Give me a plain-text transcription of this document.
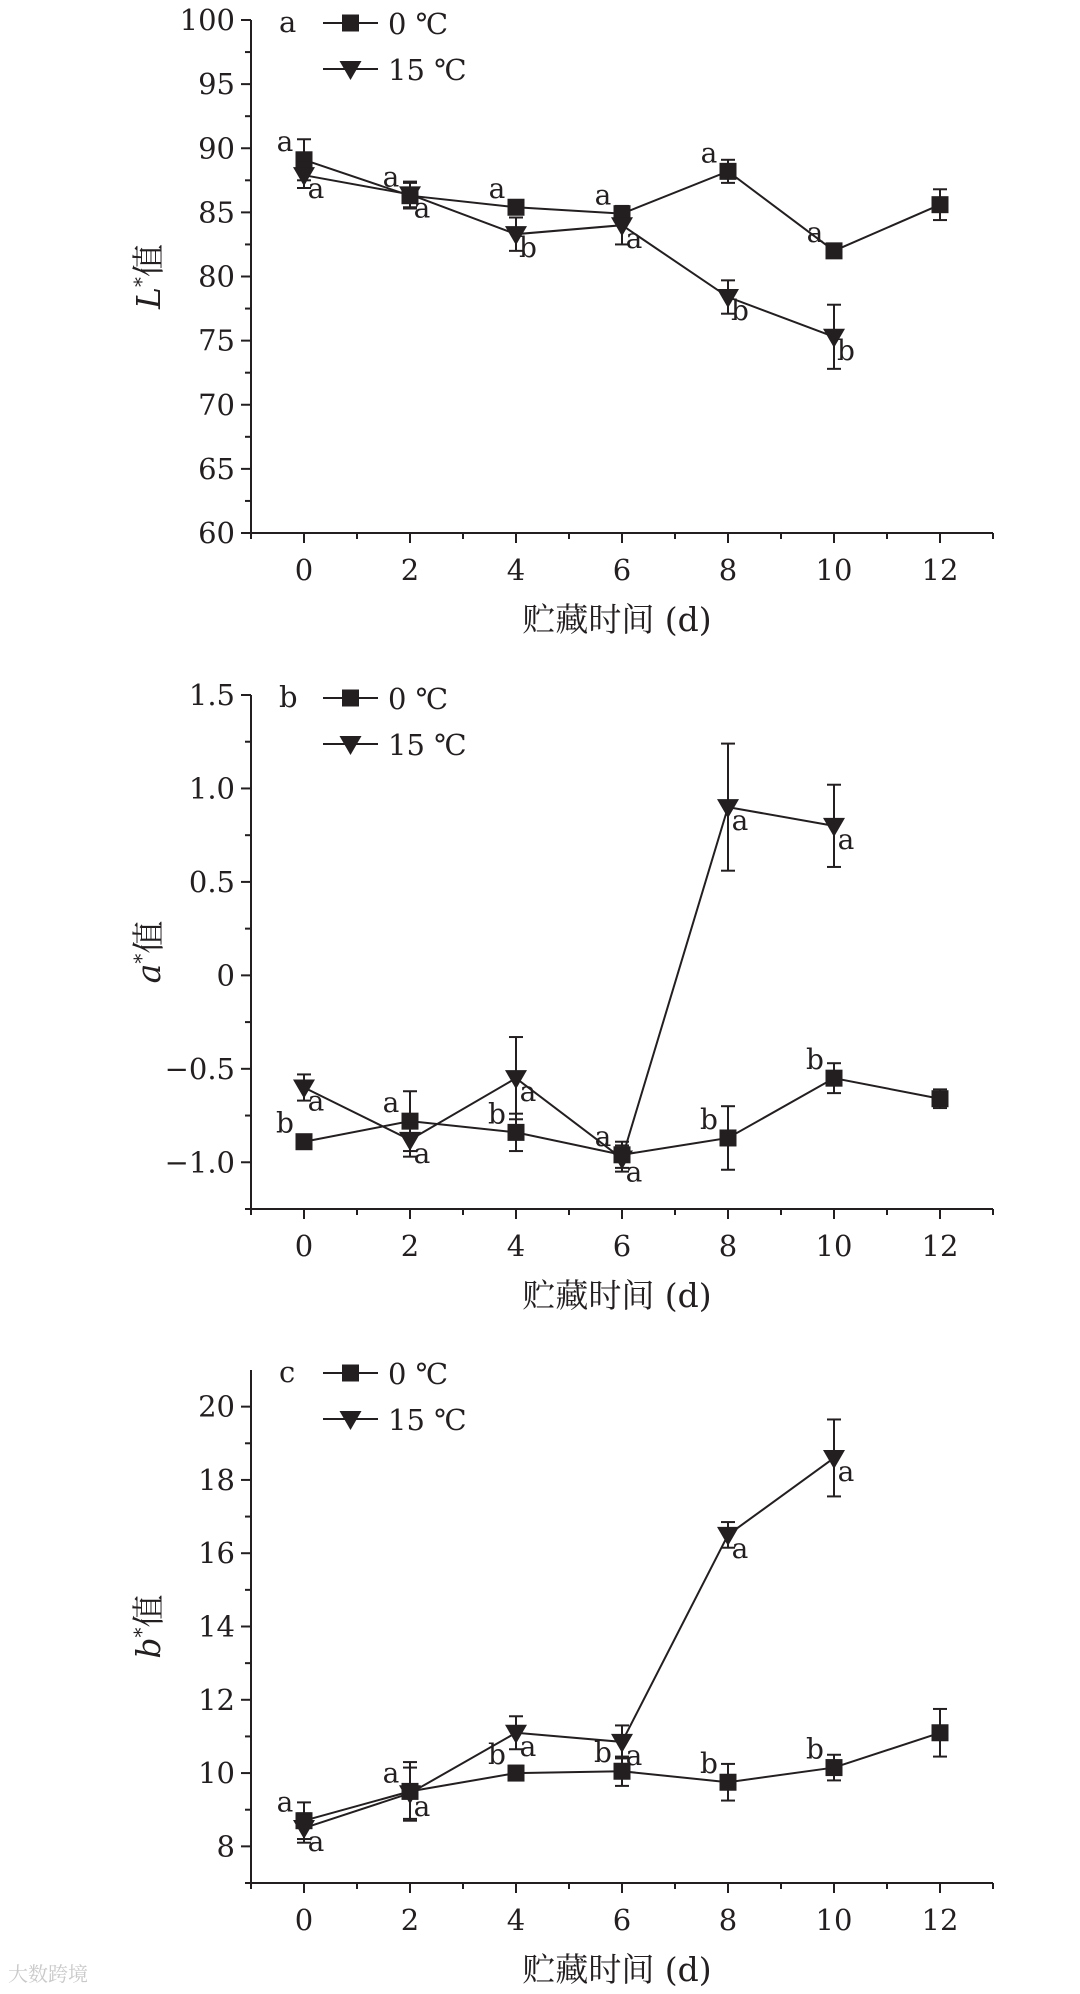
60
65
70
75
80
85
90
95
100
0	2	4	6	8	10 12
贮藏时间 (d)
L*值
a	0 ℃
15 ℃
a
a	a	a
a
a
a
a
b	a
b
b
−1.0
−0.5
0
0.5
1.0
1.5
0	2	4	6	8	10 12
贮藏时间 (d)
a*值
b	0 ℃
15 ℃
b
a	b
a
b
b
a
a
a
a
a
a
8
10
12
14
16
18
20
0	2	4	6	8	10 12
贮藏时间 (d)
b*值
c	0 ℃
15 ℃
a
a
b	b	b	b
a
a
a	a
a
a
大数跨境
